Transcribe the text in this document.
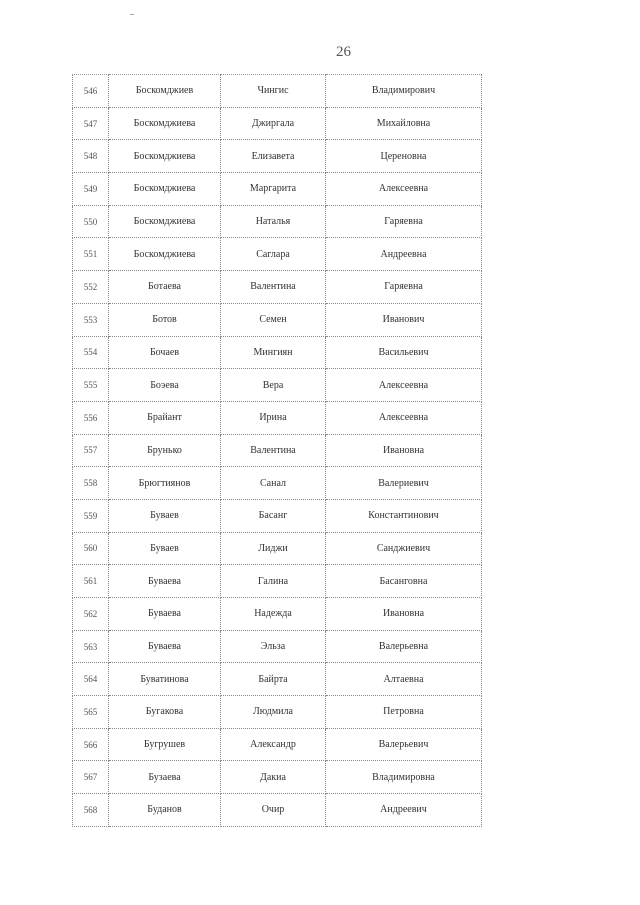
26
546	Боскомджиев	Чингис	Владимирович
547	Боскомджиева	Джиргала	Михайловна
548	Боскомджиева	Елизавета	Цереновна
549	Боскомджиева	Маргарита	Алексеевна
550	Боскомджиева	Наталья	Гаряевна
551	Боскомджиева	Саглара	Андреевна
552	Ботаева	Валентина	Гаряевна
553	Ботов	Семен	Иванович
554	Бочаев	Мингиян	Васильевич
555	Боэева	Вера	Алексеевна
556	Брайант	Ирина	Алексеевна
557	Брунько	Валентина	Ивановна
558	Брюгтиянов	Санал	Валериевич
559	Буваев	Басанг	Константинович
560	Буваев	Лиджи	Санджиевич
561	Буваева	Галина	Басанговна
562	Буваева	Надежда	Ивановна
563	Буваева	Эльза	Валерьевна
564	Буватинова	Байрта	Алтаевна
565	Бугакова	Людмила	Петровна
566	Бугрушев	Александр	Валерьевич
567	Бузаева	Дакиа	Владимировна
568	Буданов	Очир	Андреевич
